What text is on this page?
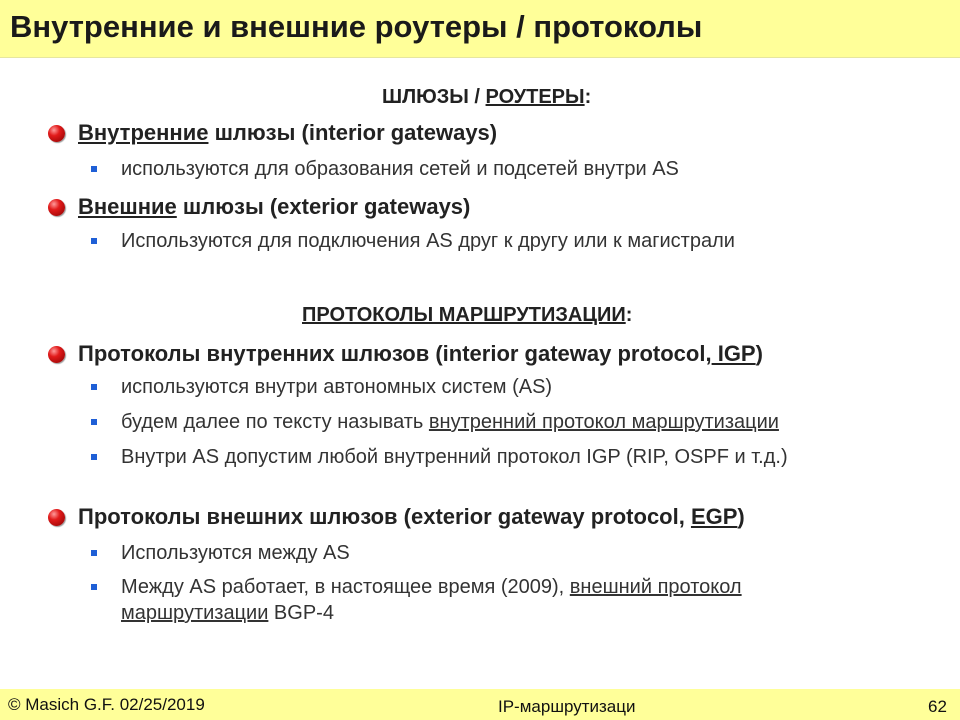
Внутренние и внешние роутеры / протоколы
ШЛЮЗЫ / РОУТЕРЫ:
Внутренние шлюзы (interior gateways)
используются для образования сетей и подсетей внутри AS
Внешние шлюзы (exterior gateways)
Используются для подключения AS друг к другу или к магистрали
ПРОТОКОЛЫ МАРШРУТИЗАЦИИ:
Протоколы внутренних шлюзов (interior gateway protocol, IGP)
используются внутри автономных систем (AS)
будем далее по тексту называть внутренний протокол маршрутизации
Внутри AS допустим любой внутренний протокол IGP (RIP, OSPF и т.д.)
Протоколы внешних шлюзов (exterior gateway protocol, EGP)
Используются между AS
Между AS работает, в настоящее время (2009), внешний протокол маршрутизации BGP-4
© Masich G.F. 02/25/2019	IP-маршрутизаци	62
